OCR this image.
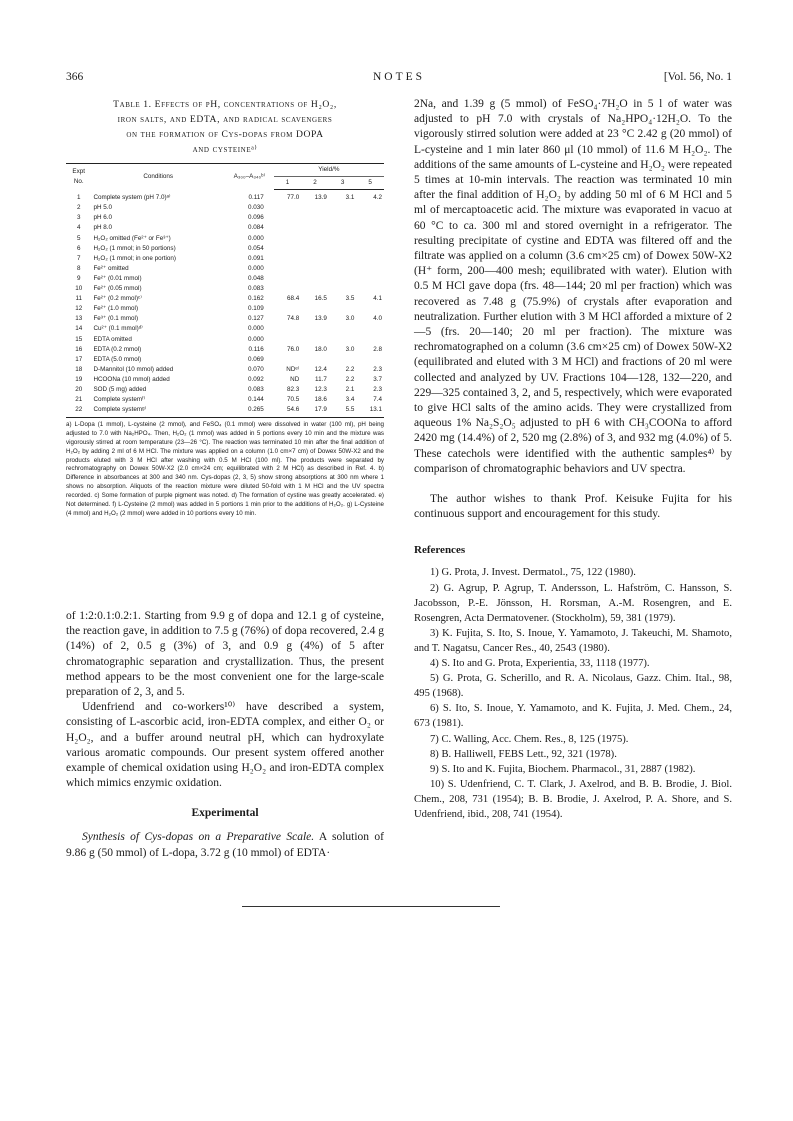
366	NOTES	[Vol. 56, No. 1
Table 1. Effects of pH, concentrations of H₂O₂,
iron salts, and EDTA, and radical scavengers
on the formation of Cys-dopas from DOPA
and cysteineᵃ⁾
Expt No.	Conditions	A₃₀₀–A₃₄₀ᵇ⁾	Yield/%			
			1	2	3	5
1	Complete system (pH 7.0)ᵃ⁾	0.117	77.0	13.9	3.1	4.2
2	pH 5.0	0.030				
3	pH 6.0	0.096				
4	pH 8.0	0.084				
5	H₂O₂ omitted (Fe²⁺ or Fe³⁺)	0.000				
6	H₂O₂ (1 mmol; in 50 portions)	0.054				
7	H₂O₂ (1 mmol; in one portion)	0.091				
8	Fe²⁺ omitted	0.000				
9	Fe²⁺ (0.01 mmol)	0.048				
10	Fe²⁺ (0.05 mmol)	0.083				
11	Fe²⁺ (0.2 mmol)ᶜ⁾	0.162	68.4	16.5	3.5	4.1
12	Fe²⁺ (1.0 mmol)	0.109				
13	Fe³⁺ (0.1 mmol)	0.127	74.8	13.9	3.0	4.0
14	Cu²⁺ (0.1 mmol)ᵈ⁾	0.000				
15	EDTA omitted	0.000				
16	EDTA (0.2 mmol)	0.116	76.0	18.0	3.0	2.8
17	EDTA (5.0 mmol)	0.069				
18	D-Mannitol (10 mmol) added	0.070	NDᵉ⁾	12.4	2.2	2.3
19	HCOONa (10 mmol) added	0.092	ND	11.7	2.2	3.7
20	SOD (5 mg) added	0.083	82.3	12.3	2.1	2.3
21	Complete systemᶠ⁾	0.144	70.5	18.6	3.4	7.4
22	Complete systemᵍ⁾	0.265	54.6	17.9	5.5	13.1
a) L-Dopa (1 mmol), L-cysteine (2 mmol), and FeSO₄ (0.1 mmol) were dissolved in water (100 ml), pH being adjusted to 7.0 with Na₂HPO₄. Then, H₂O₂ (1 mmol) was added in 5 portions every 10 min and the mixture was vigorously stirred at room temperature (23—26 °C). The reaction was terminated 10 min after the final addition of H₂O₂ by adding 2 ml of 6 M HCl. The mixture was applied on a column (1.0 cm×7 cm) of Dowex 50W-X2 and the products eluted with 3 M HCl after washing with 0.5 M HCl (100 ml). The products were separated by rechromatography on Dowex 50W-X2 (2.0 cm×24 cm; equilibrated with 2 M HCl) as described in Ref. 4. b) Difference in absorbances at 300 and 340 nm. Cys-dopas (2, 3, 5) show strong absorptions at 300 nm where 1 shows no absorption. Aliquots of the reaction mixture were diluted 50-fold with 1 M HCl and the UV spectra recorded. c) Some formation of purple pigment was noted. d) The formation of cystine was greatly accelerated. e) Not determined. f) L-Cysteine (2 mmol) was added in 5 portions 1 min prior to the additions of H₂O₂. g) L-Cysteine (4 mmol) and H₂O₂ (2 mmol) were added in 10 portions every 10 min.

of 1:2:0.1:0.2:1. Starting from 9.9 g of dopa and 12.1 g of cysteine, the reaction gave, in addition to 7.5 g (76%) of dopa recovered, 2.4 g (14%) of 2, 0.5 g (3%) of 3, and 0.9 g (4%) of 5 after chromatographic separation and crystallization. Thus, the present method appears to be the most convenient one for the large-scale preparation of 2, 3, and 5.

Udenfriend and co-workers¹⁰⁾ have described a system, consisting of L-ascorbic acid, iron-EDTA complex, and either O₂ or H₂O₂, and a buffer around neutral pH, which can hydroxylate various aromatic compounds. Our present system offered another example of chemical oxidation using H₂O₂ and iron-EDTA complex which mimics enzymic oxidation.

Experimental

Synthesis of Cys-dopas on a Preparative Scale. A solution of 9.86 g (50 mmol) of L-dopa, 3.72 g (10 mmol) of EDTA·

2Na, and 1.39 g (5 mmol) of FeSO₄·7H₂O in 5 l of water was adjusted to pH 7.0 with crystals of Na₂HPO₄·12H₂O. To the vigorously stirred solution were added at 23 °C 2.42 g (20 mmol) of L-cysteine and 1 min later 860 μl (10 mmol) of 11.6 M H₂O₂. The additions of the same amounts of L-cysteine and H₂O₂ were repeated 5 times at 10-min intervals. The reaction was terminated 10 min after the final addition of H₂O₂ by adding 50 ml of 6 M HCl and 5 ml of mercaptoacetic acid. The mixture was evaporated in vacuo at 60 °C to ca. 300 ml and stored overnight in a refrigerator. The resulting precipitate of cystine and EDTA was filtered off and the filtrate was applied on a column (3.6 cm×25 cm) of Dowex 50W-X2 (H⁺ form, 200—400 mesh; equilibrated with water). Elution with 0.5 M HCl gave dopa (frs. 48—144; 20 ml per fraction) which was recovered as 7.48 g (75.9%) of crystals after evaporation and neutralization. Further elution with 3 M HCl afforded a mixture of 2—5 (frs. 20—140; 20 ml per fraction). The mixture was rechromatographed on a column (3.6 cm×25 cm) of Dowex 50W-X2 (equilibrated and eluted with 3 M HCl) and fractions of 20 ml were collected and analyzed by UV. Fractions 104—128, 132—220, and 229—325 contained 3, 2, and 5, respectively, which were evaporated to give HCl salts of the amino acids. They were crystallized from aqueous 1% Na₂S₂O₅ adjusted to pH 6 with CH₃COONa to afford 2420 mg (14.4%) of 2, 520 mg (2.8%) of 3, and 932 mg (4.0%) of 5. These catechols were identified with the authentic samples⁴⁾ by comparison of chromatographic behaviors and UV spectra.

The author wishes to thank Prof. Keisuke Fujita for his continuous support and encouragement for this study.

References

1) G. Prota, J. Invest. Dermatol., 75, 122 (1980).

2) G. Agrup, P. Agrup, T. Andersson, L. Hafström, C. Hansson, S. Jacobsson, P.-E. Jönsson, H. Rorsman, A.-M. Rosengren, and E. Rosengren, Acta Dermatovener. (Stockholm), 59, 381 (1979).

3) K. Fujita, S. Ito, S. Inoue, Y. Yamamoto, J. Takeuchi, M. Shamoto, and T. Nagatsu, Cancer Res., 40, 2543 (1980).

4) S. Ito and G. Prota, Experientia, 33, 1118 (1977).

5) G. Prota, G. Scherillo, and R. A. Nicolaus, Gazz. Chim. Ital., 98, 495 (1968).

6) S. Ito, S. Inoue, Y. Yamamoto, and K. Fujita, J. Med. Chem., 24, 673 (1981).

7) C. Walling, Acc. Chem. Res., 8, 125 (1975).

8) B. Halliwell, FEBS Lett., 92, 321 (1978).

9) S. Ito and K. Fujita, Biochem. Pharmacol., 31, 2887 (1982).

10) S. Udenfriend, C. T. Clark, J. Axelrod, and B. B. Brodie, J. Biol. Chem., 208, 731 (1954); B. B. Brodie, J. Axelrod, P. A. Shore, and S. Udenfriend, ibid., 208, 741 (1954).
